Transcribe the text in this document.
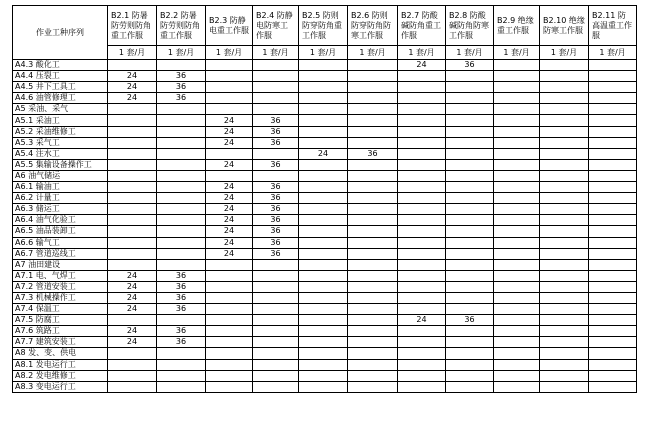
作业工种序列	B2.1 防暑防劳则防角重工作服	B2.2 防暑防劳则防角重工作服	B2.3 防静电重工作服	B2.4 防静电防寒工作服	B2.5 防则防穿防角重工作服	B2.6 防则防穿防角防寒工作服	B2.7 防酸碱防角重工作服	B2.8 防酸碱防角防寒工作服	B2.9 绝缘重工作服	B2.10 绝缘防寒工作服	B2.11 防高温重工作服
	1 套/月	1 套/月	1 套/月	1 套/月	1 套/月	1 套/月	1 套/月	1 套/月	1 套/月	1 套/月	1 套/月
A4.3 酸化工							24	36			
A4.4 压裂工	24	36									
A4.5 井下工具工	24	36									
A4.6 油管修理工	24	36									
A5 采油、采气											
A5.1 采油工			24	36							
A5.2 采油维修工			24	36							
A5.3 采气工			24	36							
A5.4 注水工					24	36					
A5.5 集输设备操作工			24	36							
A6 油气储运											
A6.1 输油工			24	36							
A6.2 计量工			24	36							
A6.3 储运工			24	36							
A6.4 油气化验工			24	36							
A6.5 油品装卸工			24	36							
A6.6 输气工			24	36							
A6.7 管道巡线工			24	36							
A7 油田建设											
A7.1 电、气焊工	24	36									
A7.2 管道安装工	24	36									
A7.3 机械操作工	24	36									
A7.4 保温工	24	36									
A7.5 防腐工							24	36			
A7.6 筑路工	24	36									
A7.7 建筑安装工	24	36									
A8 发、变、供电											
A8.1 发电运行工											
A8.2 发电维修工											
A8.3 变电运行工											
